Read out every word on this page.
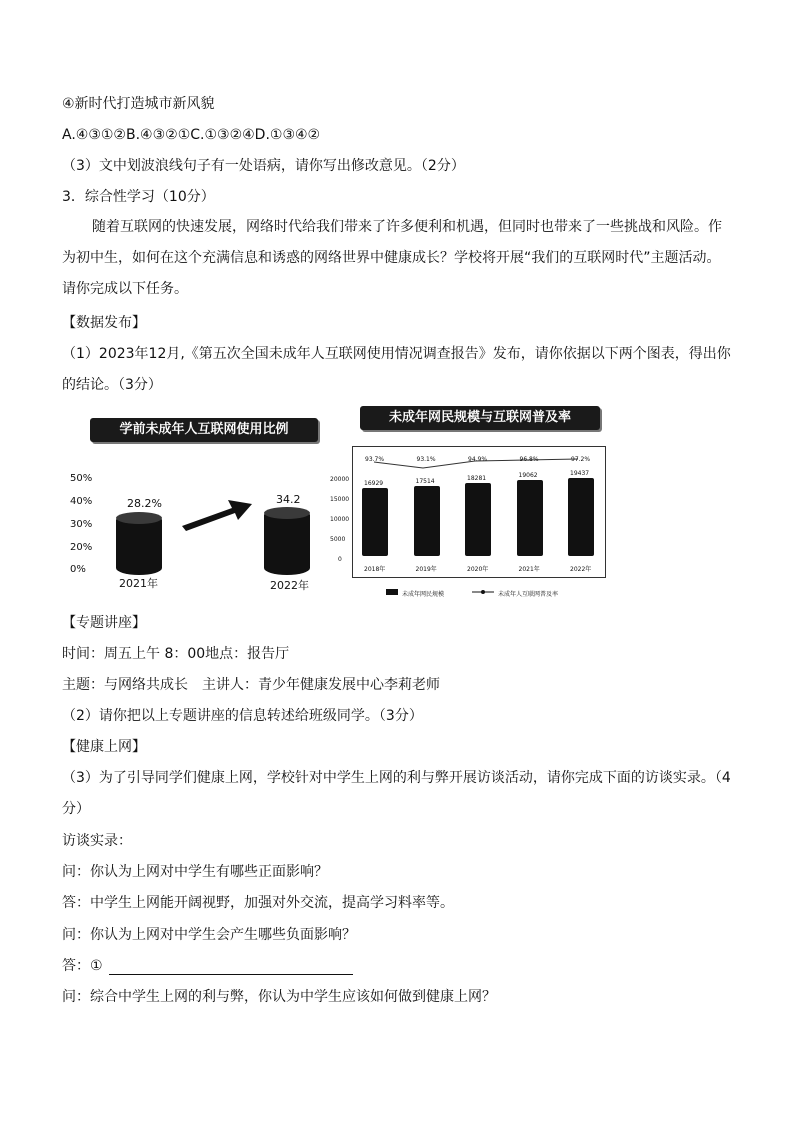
④新时代打造城市新风貌
A.④③①②B.④③②①C.①③②④D.①③④②
（3）文中划波浪线句子有一处语病，请你写出修改意见。（2分）
3．综合性学习（10分）
随着互联网的快速发展，网络时代给我们带来了许多便利和机遇，但同时也带来了一些挑战和风险。作为初中生，如何在这个充满信息和诱惑的网络世界中健康成长？学校将开展“我们的互联网时代”主题活动。请你完成以下任务。
【数据发布】
（1）2023年12月,《第五次全国未成年人互联网使用情况调查报告》发布，请你依据以下两个图表，得出你
的结论。（3分）
学前未成年人互联网使用比例
50%
40%
30%
20%
0%
28.2%
2021年
34.2
2022年
未成年网民规模与互联网普及率
20000
15000
10000
5000
0
未成年网民规模	未成年人互联网普及率
16929
93.7%
2018年
17514
93.1%
2019年
18281
94.9%
2020年
19062
96.8%
2021年
19437
97.2%
2022年
【专题讲座】
时间：周五上午 8：00地点：报告厅
主题：与网络共成长　主讲人：青少年健康发展中心李莉老师
（2）请你把以上专题讲座的信息转述给班级同学。（3分）
【健康上网】
（3）为了引导同学们健康上网，学校针对中学生上网的利与弊开展访谈活动，请你完成下面的访谈实录。（4
分）
访谈实录：
问：你认为上网对中学生有哪些正面影响？
答：中学生上网能开阔视野，加强对外交流，提高学习料率等。
问：你认为上网对中学生会产生哪些负面影响？
答：①
问：综合中学生上网的利与弊，你认为中学生应该如何做到健康上网？
